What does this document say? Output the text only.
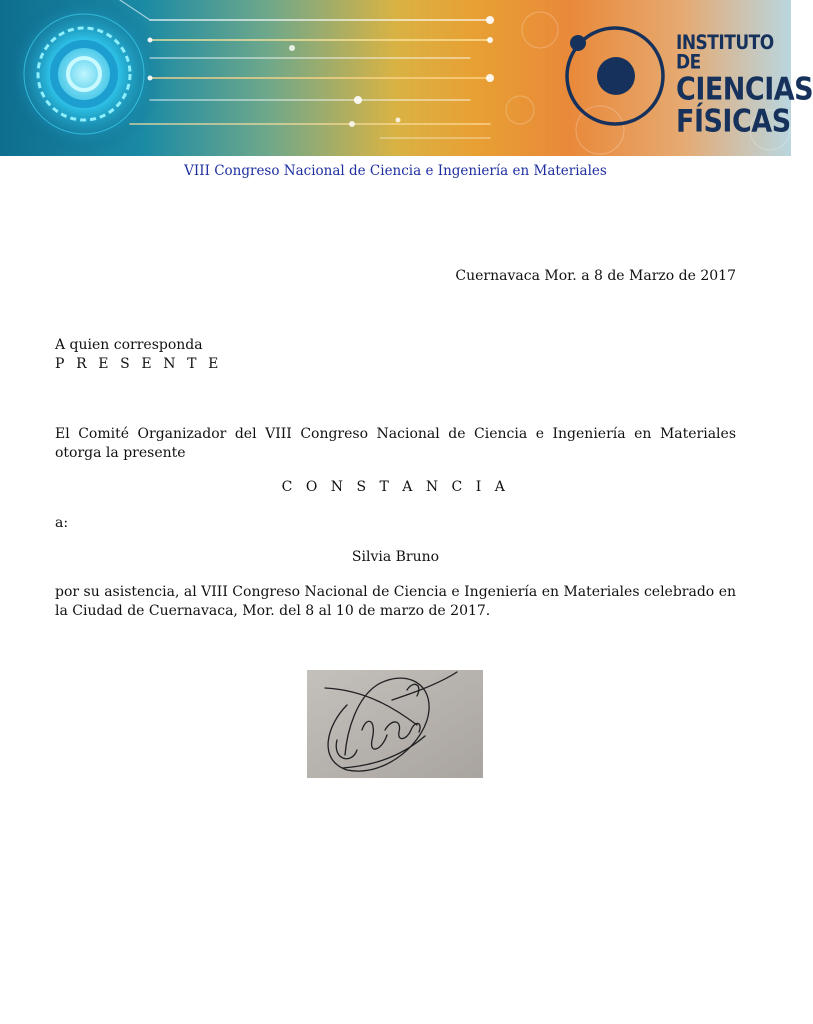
INSTITUTO DE
CIENCIAS
FÍSICAS
VIII Congreso Nacional de Ciencia e Ingeniería en Materiales
Cuernavaca Mor. a 8 de Marzo de 2017
A quien corresponda
P R E S E N T E
El Comité Organizador del VIII Congreso Nacional de Ciencia e Ingeniería en Materiales otorga la presente
C O N S T A N C I A
a:
Silvia Bruno
por su asistencia, al VIII Congreso Nacional de Ciencia e Ingeniería en Materiales celebrado en la Ciudad de Cuernavaca, Mor. del 8 al 10 de marzo de 2017.
